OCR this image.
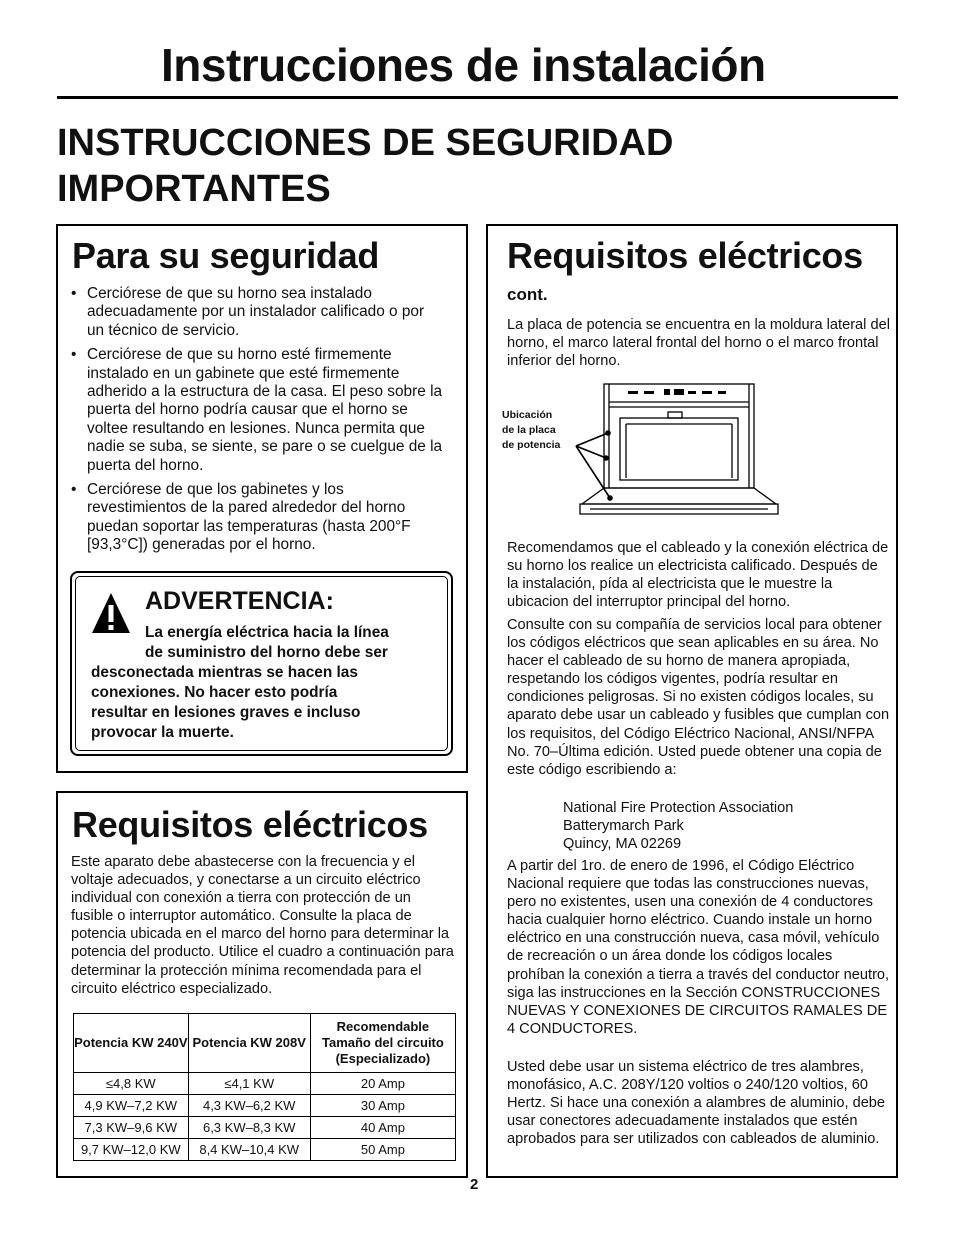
Instrucciones de instalación
INSTRUCCIONES DE SEGURIDAD
IMPORTANTES
Para su seguridad
• Cerciórese de que su horno sea instalado adecuadamente por un instalador calificado o por un técnico de servicio.
• Cerciórese de que su horno esté firmemente instalado en un gabinete que esté firmemente adherido a la estructura de la casa. El peso sobre la puerta del horno podría causar que el horno se voltee resultando en lesiones. Nunca permita que nadie se suba, se siente, se pare o se cuelgue de la puerta del horno.
• Cerciórese de que los gabinetes y los revestimientos de la pared alrededor del horno puedan soportar las temperaturas (hasta 200°F [93,3°C]) generadas por el horno.
ADVERTENCIA:
La energía eléctrica hacia la línea
de suministro del horno debe ser
desconectada mientras se hacen las
conexiones. No hacer esto podría
resultar en lesiones graves e incluso
provocar la muerte.
Requisitos eléctricos
Este aparato debe abastecerse con la frecuencia y el voltaje adecuados, y conectarse a un circuito eléctrico individual con conexión a tierra con protección de un fusible o interruptor automático. Consulte la placa de potencia ubicada en el marco del horno para determinar la potencia del producto. Utilice el cuadro a continuación para determinar la protección mínima recomendada para el circuito eléctrico especializado.
Potencia KW 240V	Potencia KW 208V	Recomendable Tamaño del circuito (Especializado)
≤4,8 KW	≤4,1 KW	20 Amp
4,9 KW–7,2 KW	4,3 KW–6,2 KW	30 Amp
7,3 KW–9,6 KW	6,3 KW–8,3 KW	40 Amp
9,7 KW–12,0 KW	8,4 KW–10,4 KW	50 Amp
Requisitos eléctricos
cont.
La placa de potencia se encuentra en la moldura lateral del horno, el marco lateral frontal del horno o el marco frontal inferior del horno.
Ubicación
de la placa
de potencia
Recomendamos que el cableado y la conexión eléctrica de su horno los realice un electricista calificado. Después de la instalación, pída al electricista que le muestre la ubicacion del interruptor principal del horno.
Consulte con su compañía de servicios local para obtener los códigos eléctricos que sean aplicables en su área. No hacer el cableado de su horno de manera apropiada, respetando los códigos vigentes, podría resultar en condiciones peligrosas. Si no existen códigos locales, su aparato debe usar un cableado y fusibles que cumplan con los requisitos, del Código Eléctrico Nacional, ANSI/NFPA No. 70–Última edición. Usted puede obtener una copia de este código escribiendo a:
National Fire Protection Association
Batterymarch Park
Quincy, MA 02269
A partir del 1ro. de enero de 1996, el Código Eléctrico Nacional requiere que todas las construcciones nuevas, pero no existentes, usen una conexión de 4 conductores hacia cualquier horno eléctrico. Cuando instale un horno eléctrico en una construcción nueva, casa móvil, vehículo de recreación o un área donde los códigos locales prohíban la conexión a tierra a través del conductor neutro, siga las instrucciones en la Sección CONSTRUCCIONES NUEVAS Y CONEXIONES DE CIRCUITOS RAMALES DE 4 CONDUCTORES.
Usted debe usar un sistema eléctrico de tres alambres, monofásico, A.C. 208Y/120 voltios o 240/120 voltios, 60 Hertz. Si hace una conexión a alambres de aluminio, debe usar conectores adecuadamente instalados que estén aprobados para ser utilizados con cableados de aluminio.
2
